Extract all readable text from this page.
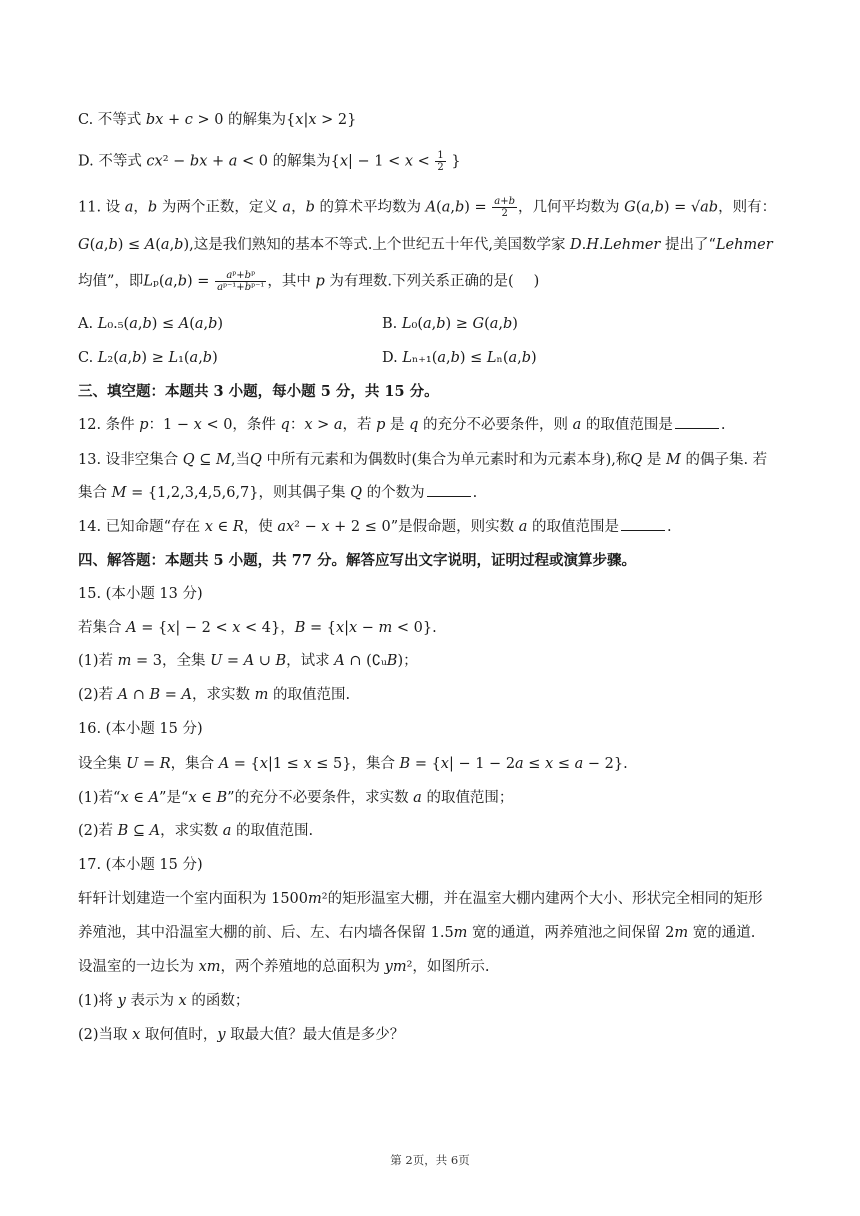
C. 不等式 𝑏𝑥 + 𝑐 > 0 的解集为{𝑥|𝑥 > 2}
D. 不等式 𝑐𝑥² − 𝑏𝑥 + 𝑎 < 0 的解集为{𝑥| − 1 < 𝑥 < $\frac{1}{2}$ }
11. 设 𝑎，𝑏 为两个正数，定义 𝑎，𝑏 的算术平均数为 𝐴(𝑎,𝑏) = $\frac{\text{𝑎+𝑏}}{2}$ ，几何平均数为 𝐺(𝑎,𝑏) = √𝑎𝑏，则有：
𝐺(𝑎,𝑏) ≤ 𝐴(𝑎,𝑏),这是我们熟知的基本不等式.上个世纪五十年代,美国数学家 𝐷.𝐻.𝐿𝑒ℎ𝑚𝑒𝑟 提出了“𝐿𝑒ℎ𝑚𝑒𝑟
均值”，即𝐿ₚ(𝑎,𝑏) = $\frac{\text{𝑎ᵖ+𝑏ᵖ}}{\text{𝑎ᵖ⁻¹+𝑏ᵖ⁻¹}}$ ，其中 𝑝 为有理数.下列关系正确的是( )
A. 𝐿₀.₅(𝑎,𝑏) ≤ 𝐴(𝑎,𝑏)	B. 𝐿₀(𝑎,𝑏) ≥ 𝐺(𝑎,𝑏)
C. 𝐿₂(𝑎,𝑏) ≥ 𝐿₁(𝑎,𝑏)	D. 𝐿ₙ₊₁(𝑎,𝑏) ≤ 𝐿ₙ(𝑎,𝑏)
三、填空题：本题共 3 小题，每小题 5 分，共 15 分。
12. 条件 𝑝：1 − 𝑥 < 0，条件 𝑞：𝑥 > 𝑎，若 𝑝 是 𝑞 的充分不必要条件，则 𝑎 的取值范围是	.
13. 设非空集合 𝑄 ⊆ 𝑀,当𝑄 中所有元素和为偶数时(集合为单元素时和为元素本身),称𝑄 是 𝑀 的偶子集. 若
集合 𝑀 = {1,2,3,4,5,6,7}，则其偶子集 𝑄 的个数为	.
14. 已知命题“存在 𝑥 ∈ 𝑅，使 𝑎𝑥² − 𝑥 + 2 ≤ 0”是假命题，则实数 𝑎 的取值范围是	.
四、解答题：本题共 5 小题，共 77 分。解答应写出文字说明，证明过程或演算步骤。
15. (本小题 13 分)
若集合 𝐴 = {𝑥| − 2 < 𝑥 < 4}，𝐵 = {𝑥|𝑥 − 𝑚 < 0}.
(1)若 𝑚 = 3，全集 𝑈 = 𝐴 ∪ 𝐵，试求 𝐴 ∩ (∁ᵤ𝐵)；
(2)若 𝐴 ∩ 𝐵 = 𝐴，求实数 𝑚 的取值范围.
16. (本小题 15 分)
设全集 𝑈 = 𝑅，集合 𝐴 = {𝑥|1 ≤ 𝑥 ≤ 5}，集合 𝐵 = {𝑥| − 1 − 2𝑎 ≤ 𝑥 ≤ 𝑎 − 2}.
(1)若“𝑥 ∈ 𝐴”是“𝑥 ∈ 𝐵”的充分不必要条件，求实数 𝑎 的取值范围；
(2)若 𝐵 ⊆ 𝐴，求实数 𝑎 的取值范围.
17. (本小题 15 分)
轩轩计划建造一个室内面积为 1500𝑚²的矩形温室大棚，并在温室大棚内建两个大小、形状完全相同的矩形
养殖池，其中沿温室大棚的前、后、左、右内墙各保留 1.5𝑚 宽的通道，两养殖池之间保留 2𝑚 宽的通道.
设温室的一边长为 𝑥𝑚，两个养殖地的总面积为 𝑦𝑚²，如图所示.
(1)将 𝑦 表示为 𝑥 的函数；
(2)当取 𝑥 取何值时，𝑦 取最大值？最大值是多少？
第 2页，共 6页
